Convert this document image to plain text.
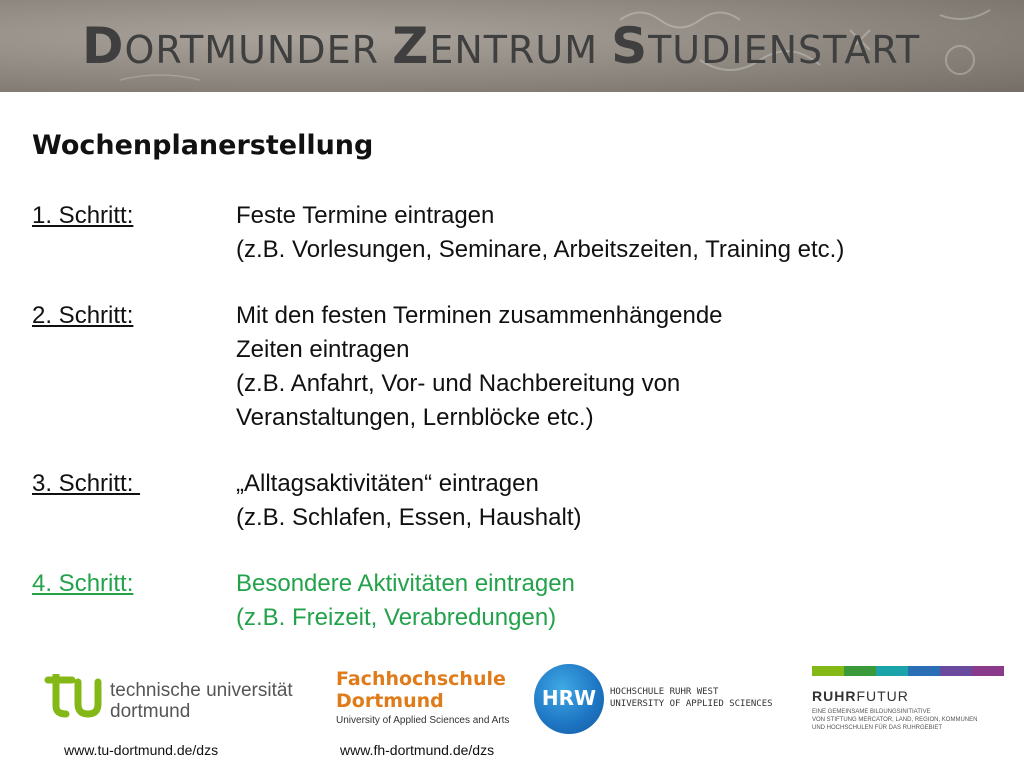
DORTMUNDER ZENTRUM STUDIENSTART
Wochenplanerstellung
1. Schritt:	Feste Termine eintragen
(z.B. Vorlesungen, Seminare, Arbeitszeiten, Training etc.)
2. Schritt:	Mit den festen Terminen zusammenhängende
Zeiten eintragen
(z.B. Anfahrt, Vor- und Nachbereitung von
Veranstaltungen, Lernblöcke etc.)
3. Schritt:	„Alltagsaktivitäten“ eintragen
(z.B. Schlafen, Essen, Haushalt)
4. Schritt:	Besondere Aktivitäten eintragen
(z.B. Freizeit, Verabredungen)
technische universität
dortmund
Fachhochschule
Dortmund
University of Applied Sciences and Arts
HRW	HOCHSCHULE RUHR WEST
UNIVERSITY OF APPLIED SCIENCES	RUHRFUTUR
EINE GEMEINSAME BILDUNGSINITIATIVE
VON STIFTUNG MERCATOR, LAND, REGION, KOMMUNEN
UND HOCHSCHULEN FÜR DAS RUHRGEBIET
www.tu-dortmund.de/dzs	www.fh-dortmund.de/dzs
